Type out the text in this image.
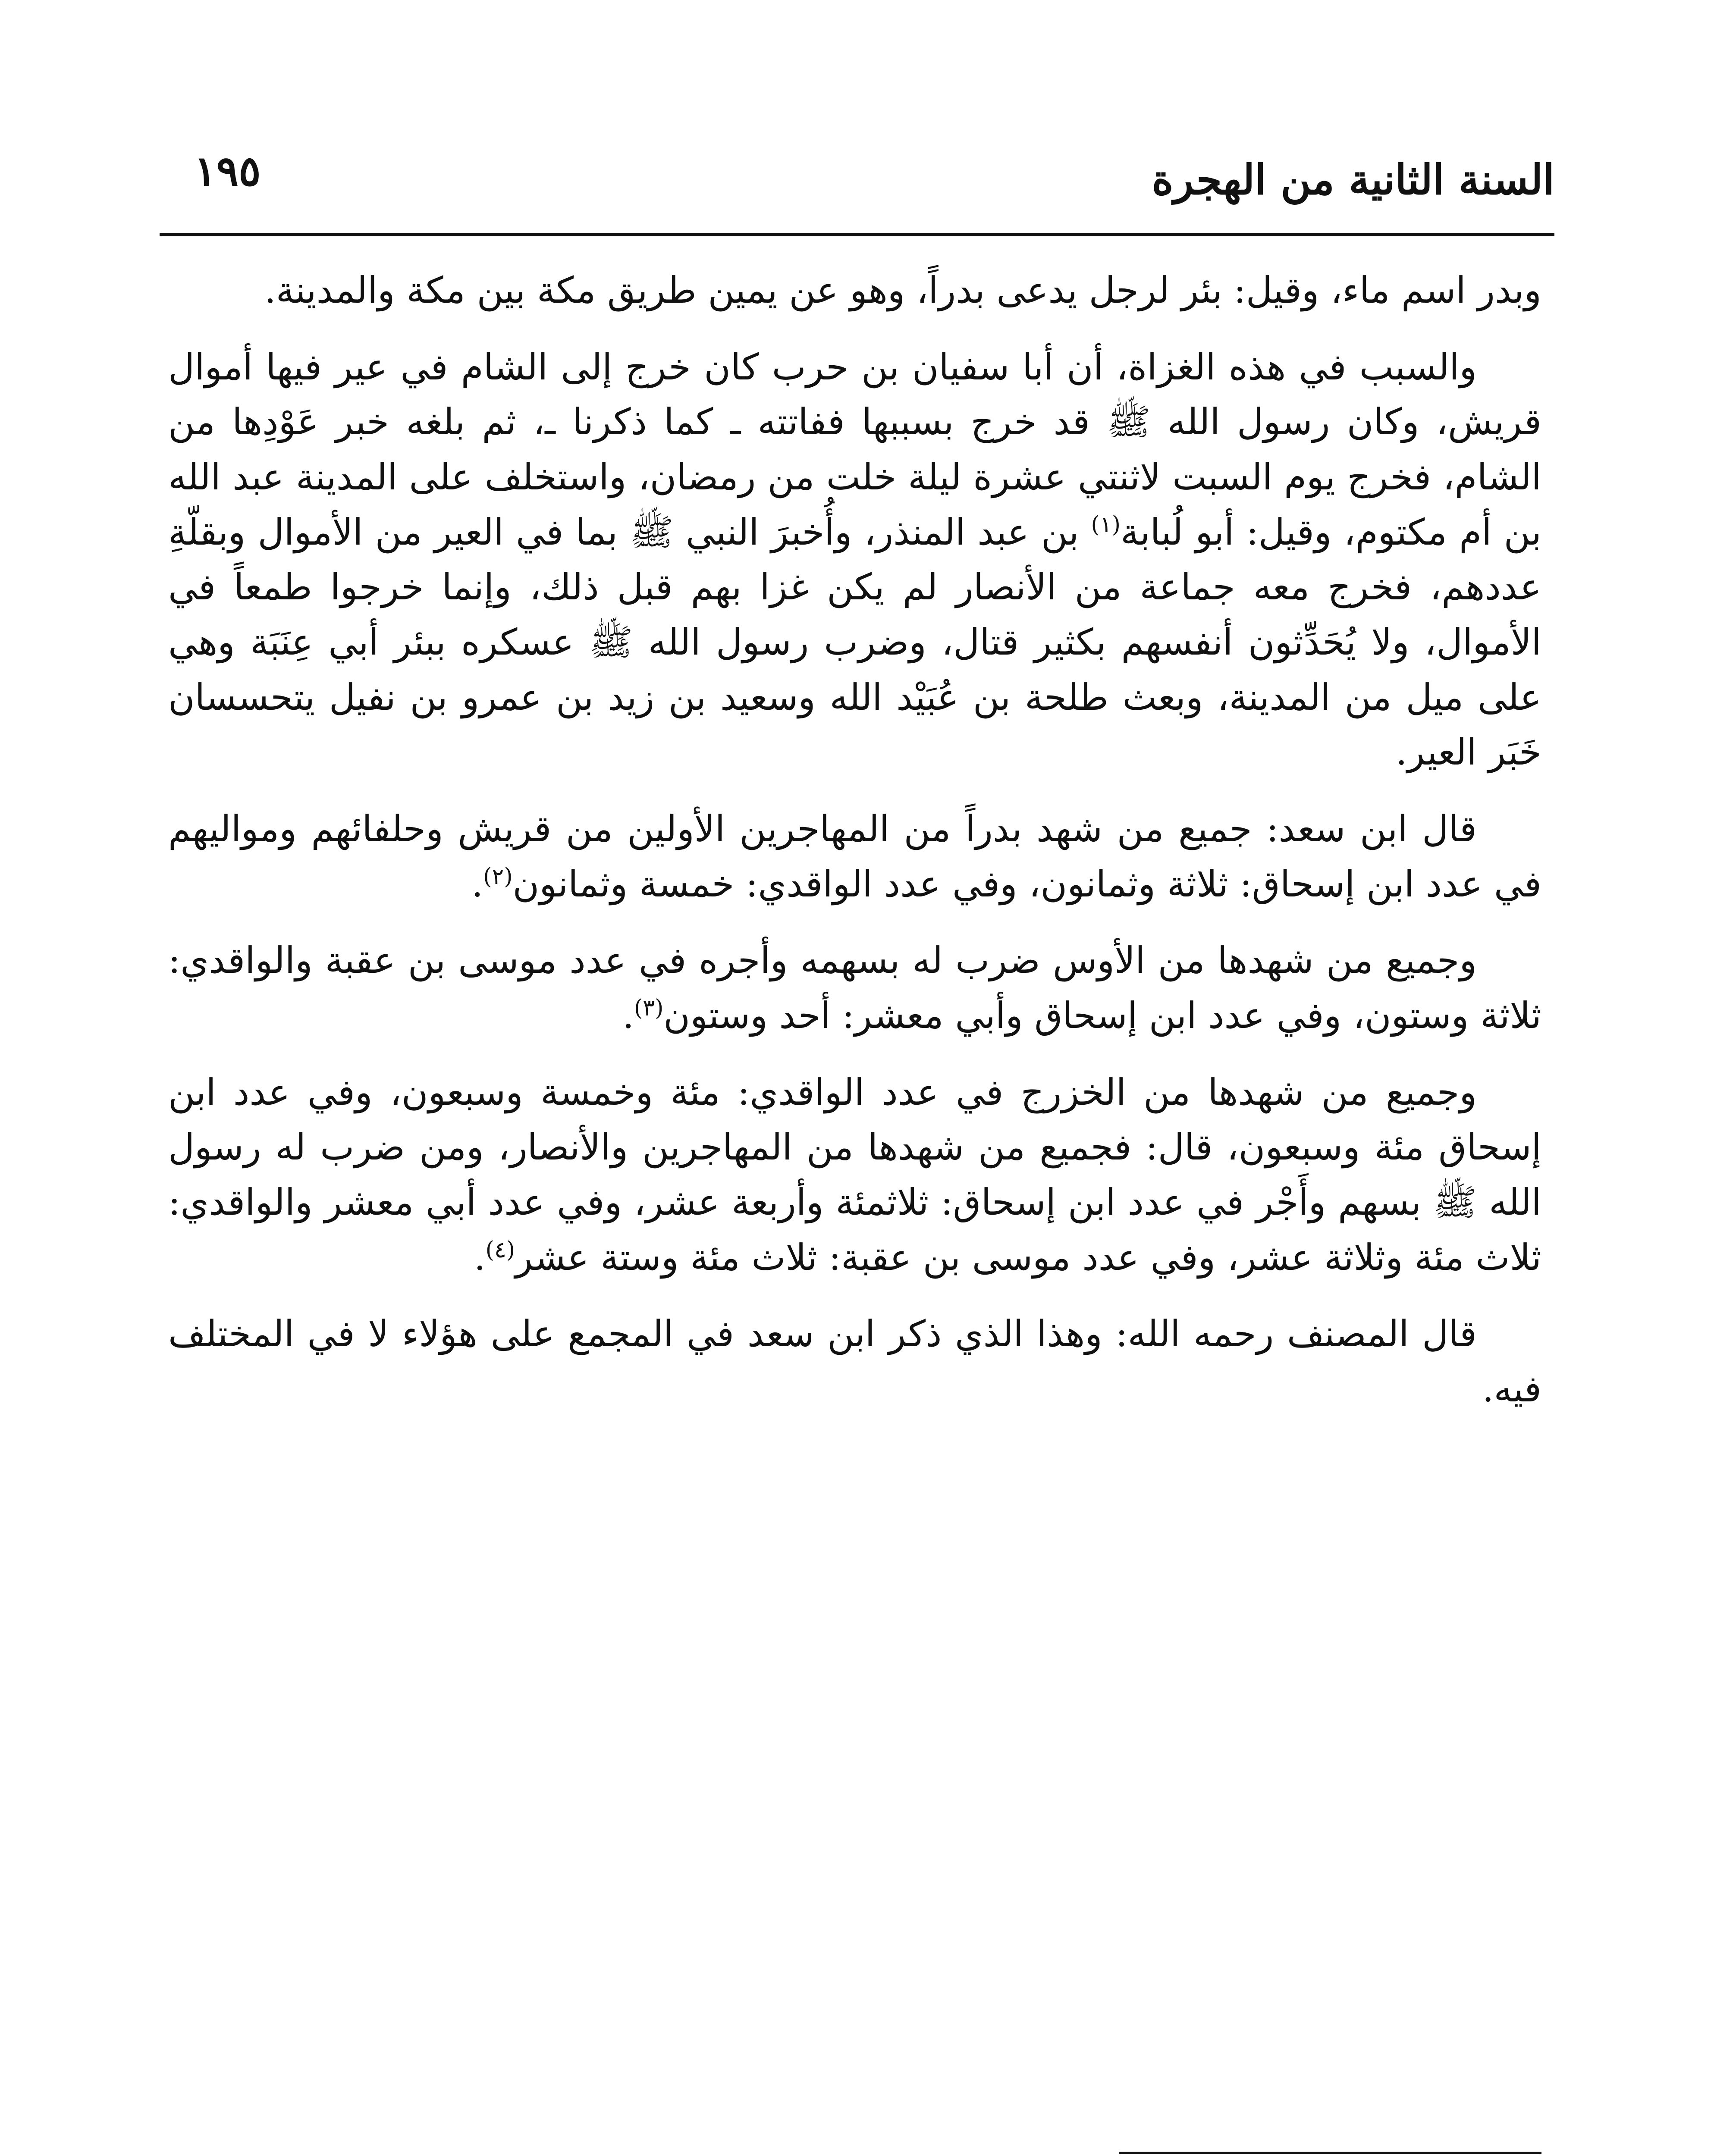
السنة الثانية من الهجرة
١٩٥

وبدر اسم ماء، وقيل: بئر لرجل يدعى بدراً، وهو عن يمين طريق مكة بين مكة والمدينة.

والسبب في هذه الغزاة، أن أبا سفيان بن حرب كان خرج إلى الشام في عير فيها أموال قريش، وكان رسول الله ﷺ قد خرج بسببها ففاتته ـ كما ذكرنا ـ، ثم بلغه خبر عَوْدِها من الشام، فخرج يوم السبت لاثنتي عشرة ليلة خلت من رمضان، واستخلف على المدينة عبد الله بن أم مكتوم، وقيل: أبو لُبابة$^{(١)}$ بن عبد المنذر، وأُخبرَ النبي ﷺ بما في العير من الأموال وبقلّةِ عددهم، فخرج معه جماعة من الأنصار لم يكن غزا بهم قبل ذلك، وإنما خرجوا طمعاً في الأموال، ولا يُحَدِّثون أنفسهم بكثير قتال، وضرب رسول الله ﷺ عسكره ببئر أبي عِنَبَة وهي على ميل من المدينة، وبعث طلحة بن عُبَيْد الله وسعيد بن زيد بن عمرو بن نفيل يتحسسان خَبَر العير.

قال ابن سعد: جميع من شهد بدراً من المهاجرين الأولين من قريش وحلفائهم ومواليهم في عدد ابن إسحاق: ثلاثة وثمانون، وفي عدد الواقدي: خمسة وثمانون$^{(٢)}$.

وجميع من شهدها من الأوس ضرب له بسهمه وأجره في عدد موسى بن عقبة والواقدي: ثلاثة وستون، وفي عدد ابن إسحاق وأبي معشر: أحد وستون$^{(٣)}$.

وجميع من شهدها من الخزرج في عدد الواقدي: مئة وخمسة وسبعون، وفي عدد ابن إسحاق مئة وسبعون، قال: فجميع من شهدها من المهاجرين والأنصار، ومن ضرب له رسول الله ﷺ بسهم وأَجْر في عدد ابن إسحاق: ثلاثمئة وأربعة عشر، وفي عدد أبي معشر والواقدي: ثلاث مئة وثلاثة عشر، وفي عدد موسى بن عقبة: ثلاث مئة وستة عشر$^{(٤)}$.

قال المصنف رحمه الله: وهذا الذي ذكر ابن سعد في المجمع على هؤلاء لا في المختلف فيه.
